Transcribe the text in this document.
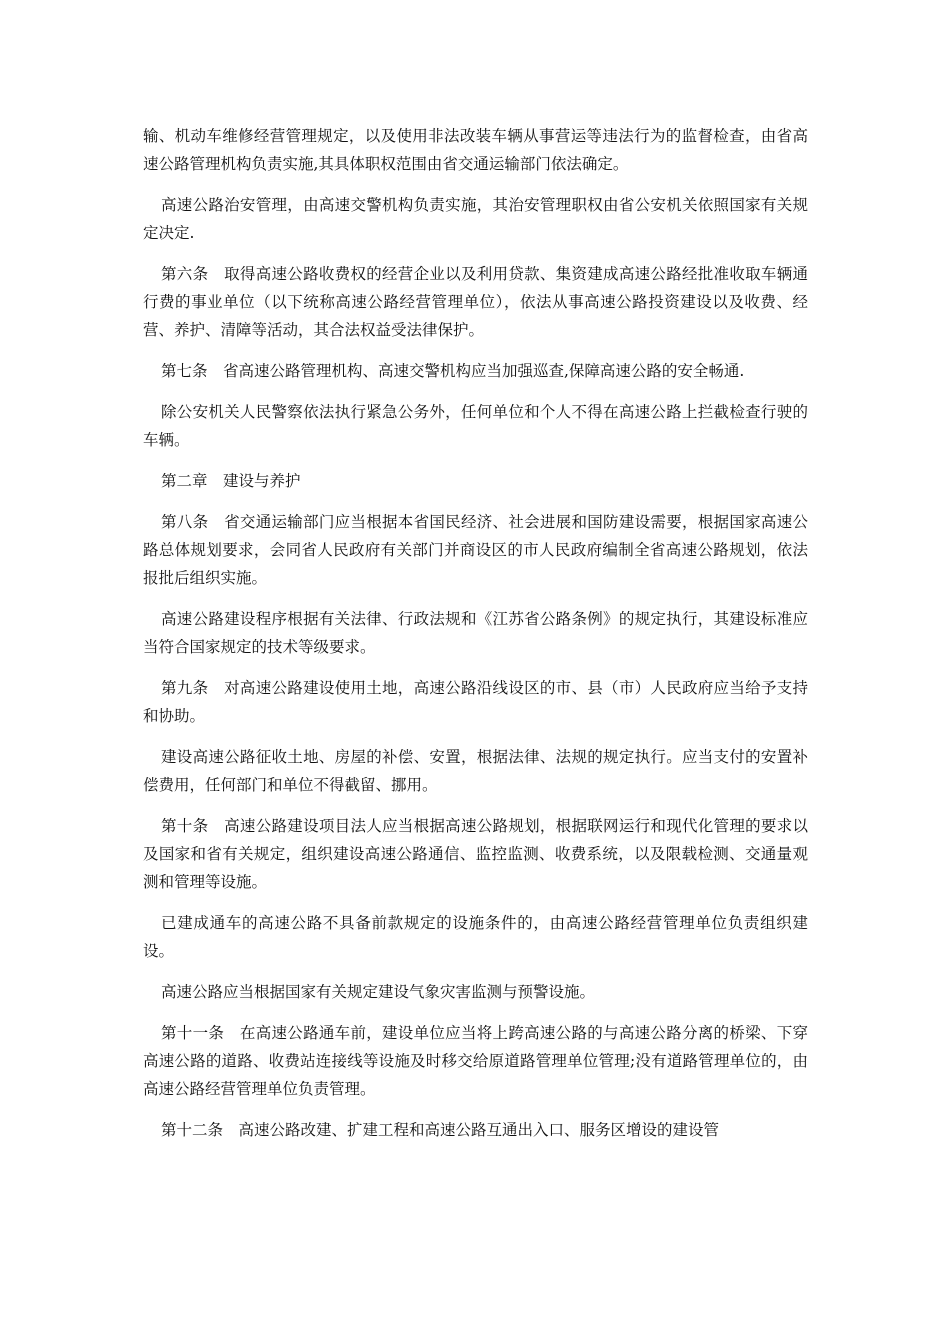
输、机动车维修经营管理规定，以及使用非法改装车辆从事营运等违法行为的监督检查，由省高速公路管理机构负责实施,其具体职权范围由省交通运输部门依法确定。

高速公路治安管理，由高速交警机构负责实施，其治安管理职权由省公安机关依照国家有关规定决定.

第六条　取得高速公路收费权的经营企业以及利用贷款、集资建成高速公路经批准收取车辆通行费的事业单位（以下统称高速公路经营管理单位），依法从事高速公路投资建设以及收费、经营、养护、清障等活动，其合法权益受法律保护。

第七条　省高速公路管理机构、高速交警机构应当加强巡查,保障高速公路的安全畅通.

除公安机关人民警察依法执行紧急公务外，任何单位和个人不得在高速公路上拦截检查行驶的车辆。

第二章　建设与养护

第八条　省交通运输部门应当根据本省国民经济、社会进展和国防建设需要，根据国家高速公路总体规划要求，会同省人民政府有关部门并商设区的市人民政府编制全省高速公路规划，依法报批后组织实施。

高速公路建设程序根据有关法律、行政法规和《江苏省公路条例》的规定执行，其建设标准应当符合国家规定的技术等级要求。

第九条　对高速公路建设使用土地，高速公路沿线设区的市、县（市）人民政府应当给予支持和协助。

建设高速公路征收土地、房屋的补偿、安置，根据法律、法规的规定执行。应当支付的安置补偿费用，任何部门和单位不得截留、挪用。

第十条　高速公路建设项目法人应当根据高速公路规划，根据联网运行和现代化管理的要求以及国家和省有关规定，组织建设高速公路通信、监控监测、收费系统，以及限载检测、交通量观测和管理等设施。

已建成通车的高速公路不具备前款规定的设施条件的，由高速公路经营管理单位负责组织建设。

高速公路应当根据国家有关规定建设气象灾害监测与预警设施。

第十一条　在高速公路通车前，建设单位应当将上跨高速公路的与高速公路分离的桥梁、下穿高速公路的道路、收费站连接线等设施及时移交给原道路管理单位管理;没有道路管理单位的，由高速公路经营管理单位负责管理。

第十二条　高速公路改建、扩建工程和高速公路互通出入口、服务区增设的建设管
